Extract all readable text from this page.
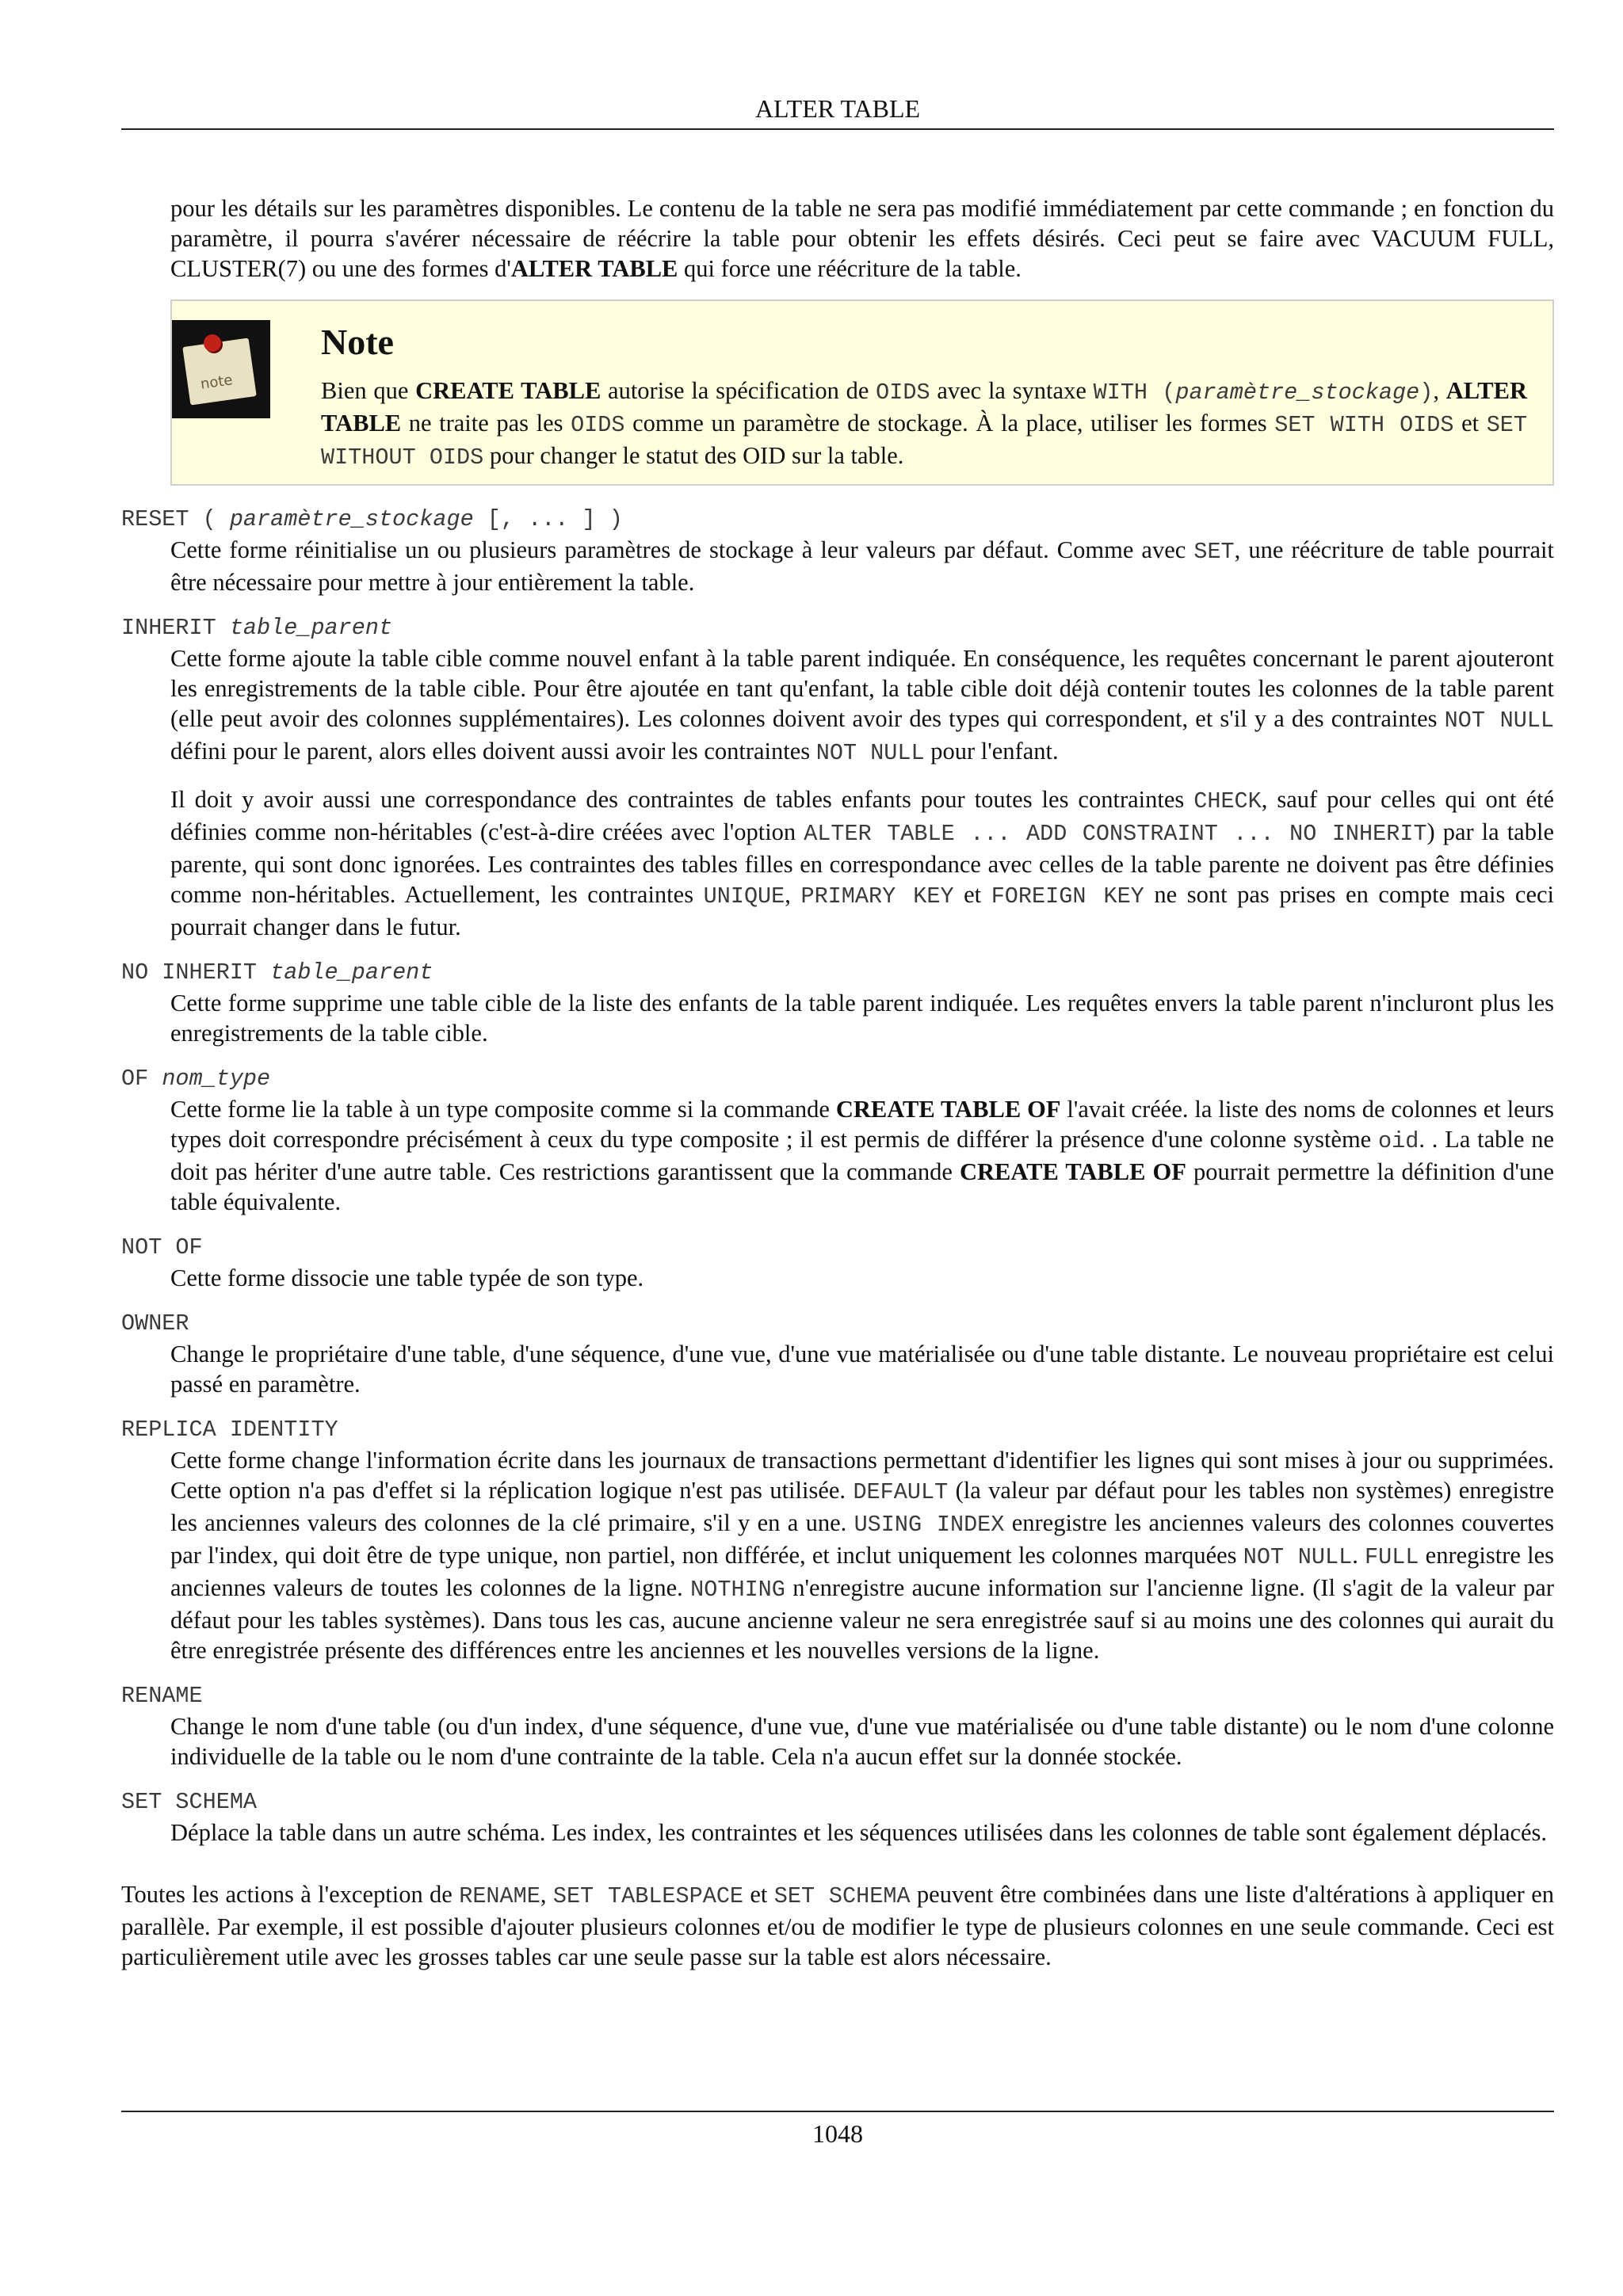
ALTER TABLE

pour les détails sur les paramètres disponibles. Le contenu de la table ne sera pas modifié immédiatement par cette commande ; en fonction du paramètre, il pourra s'avérer nécessaire de réécrire la table pour obtenir les effets désirés. Ceci peut se faire avec VACUUM FULL, CLUSTER(7) ou une des formes d'ALTER TABLE qui force une réécriture de la table.

note
Note

Bien que CREATE TABLE autorise la spécification de OIDS avec la syntaxe WITH (paramètre_stockage), ALTER TABLE ne traite pas les OIDS comme un paramètre de stockage. À la place, utiliser les formes SET WITH OIDS et SET WITHOUT OIDS pour changer le statut des OID sur la table.

RESET ( paramètre_stockage [, ... ] )

Cette forme réinitialise un ou plusieurs paramètres de stockage à leur valeurs par défaut. Comme avec SET, une réécriture de table pourrait être nécessaire pour mettre à jour entièrement la table.

INHERIT table_parent

Cette forme ajoute la table cible comme nouvel enfant à la table parent indiquée. En conséquence, les requêtes concernant le parent ajouteront les enregistrements de la table cible. Pour être ajoutée en tant qu'enfant, la table cible doit déjà contenir toutes les colonnes de la table parent (elle peut avoir des colonnes supplémentaires). Les colonnes doivent avoir des types qui correspondent, et s'il y a des contraintes NOT NULL défini pour le parent, alors elles doivent aussi avoir les contraintes NOT NULL pour l'enfant.

Il doit y avoir aussi une correspondance des contraintes de tables enfants pour toutes les contraintes CHECK, sauf pour celles qui ont été définies comme non-héritables (c'est-à-dire créées avec l'option ALTER TABLE ... ADD CONSTRAINT ... NO INHERIT) par la table parente, qui sont donc ignorées. Les contraintes des tables filles en correspondance avec celles de la table parente ne doivent pas être définies comme non-héritables. Actuellement, les contraintes UNIQUE, PRIMARY KEY et FOREIGN KEY ne sont pas prises en compte mais ceci pourrait changer dans le futur.

NO INHERIT table_parent

Cette forme supprime une table cible de la liste des enfants de la table parent indiquée. Les requêtes envers la table parent n'incluront plus les enregistrements de la table cible.

OF nom_type

Cette forme lie la table à un type composite comme si la commande CREATE TABLE OF l'avait créée. la liste des noms de colonnes et leurs types doit correspondre précisément à ceux du type composite ; il est permis de différer la présence d'une colonne système oid. . La table ne doit pas hériter d'une autre table. Ces restrictions garantissent que la commande CREATE TABLE OF pourrait permettre la définition d'une table équivalente.

NOT OF

Cette forme dissocie une table typée de son type.

OWNER

Change le propriétaire d'une table, d'une séquence, d'une vue, d'une vue matérialisée ou d'une table distante. Le nouveau propriétaire est celui passé en paramètre.

REPLICA IDENTITY

Cette forme change l'information écrite dans les journaux de transactions permettant d'identifier les lignes qui sont mises à jour ou supprimées. Cette option n'a pas d'effet si la réplication logique n'est pas utilisée. DEFAULT (la valeur par défaut pour les tables non systèmes) enregistre les anciennes valeurs des colonnes de la clé primaire, s'il y en a une. USING INDEX enregistre les anciennes valeurs des colonnes couvertes par l'index, qui doit être de type unique, non partiel, non différée, et inclut uniquement les colonnes marquées NOT NULL. FULL enregistre les anciennes valeurs de toutes les colonnes de la ligne. NOTHING n'enregistre aucune information sur l'ancienne ligne. (Il s'agit de la valeur par défaut pour les tables systèmes). Dans tous les cas, aucune ancienne valeur ne sera enregistrée sauf si au moins une des colonnes qui aurait du être enregistrée présente des différences entre les anciennes et les nouvelles versions de la ligne.

RENAME

Change le nom d'une table (ou d'un index, d'une séquence, d'une vue, d'une vue matérialisée ou d'une table distante) ou le nom d'une colonne individuelle de la table ou le nom d'une contrainte de la table. Cela n'a aucun effet sur la donnée stockée.

SET SCHEMA

Déplace la table dans un autre schéma. Les index, les contraintes et les séquences utilisées dans les colonnes de table sont également déplacés.

Toutes les actions à l'exception de RENAME, SET TABLESPACE et SET SCHEMA peuvent être combinées dans une liste d'altérations à appliquer en parallèle. Par exemple, il est possible d'ajouter plusieurs colonnes et/ou de modifier le type de plusieurs colonnes en une seule commande. Ceci est particulièrement utile avec les grosses tables car une seule passe sur la table est alors nécessaire.

1048
